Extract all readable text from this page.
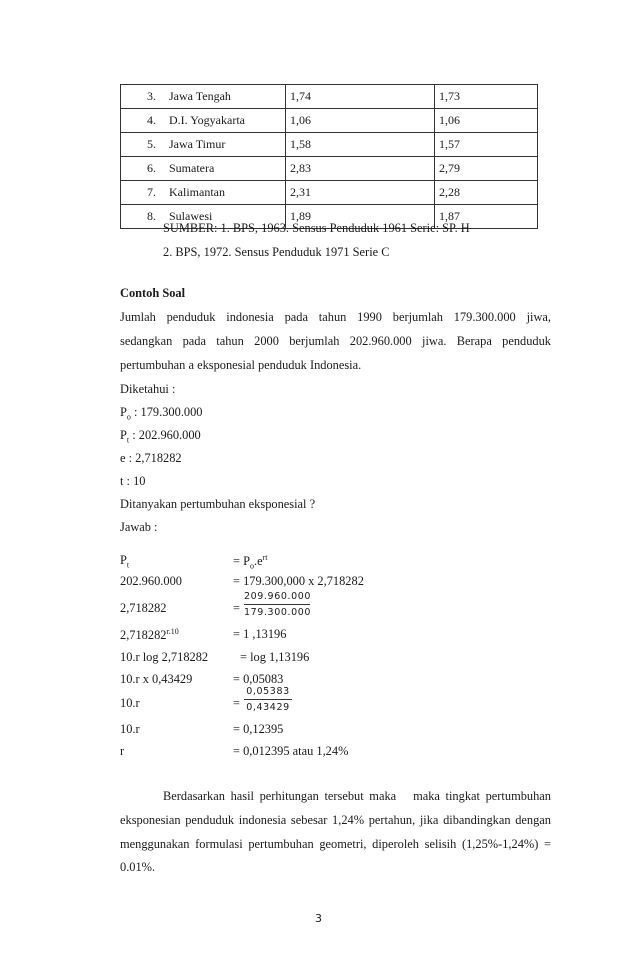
3. Jawa Tengah	1,74	1,73
4. D.I. Yogyakarta	1,06	1,06
5. Jawa Timur	1,58	1,57
6. Sumatera	2,83	2,79
7. Kalimantan	2,31	2,28
8. Sulawesi	1,89	1,87
SUMBER: 1. BPS, 1963. Sensus Penduduk 1961 Serie: SP. H
2. BPS, 1972. Sensus Penduduk 1971 Serie C
Contoh Soal
Jumlah penduduk indonesia pada tahun 1990 berjumlah 179.300.000 jiwa,
sedangkan pada tahun 2000 berjumlah 202.960.000 jiwa. Berapa penduduk
pertumbuhan a eksponesial penduduk Indonesia.
Diketahui :
$P_o$ : 179.300.000
$P_t$ : 202.960.000
e : 2,718282
t : 10
Ditanyakan pertumbuhan eksponesial ?
Jawab :
$P_t$	= $P_o.e^{rt}$
202.960.000	= 179.300,000 x 2,718282
2,718282	=
209.960.000
179.300.000
$2,718282^{r.10}$	= 1 ,13196
10.r log 2,718282	= log 1,13196
10.r x 0,43429	= 0,05083
10.r	=
0,05383
0,43429
10.r	= 0,12395
r	= 0,012395 atau 1,24%
Berdasarkan hasil perhitungan tersebut maka   maka tingkat pertumbuhan
eksponesian penduduk indonesia sebesar 1,24% pertahun, jika dibandingkan dengan
menggunakan formulasi pertumbuhan geometri, diperoleh selisih (1,25%-1,24%) =
0.01%.
3
